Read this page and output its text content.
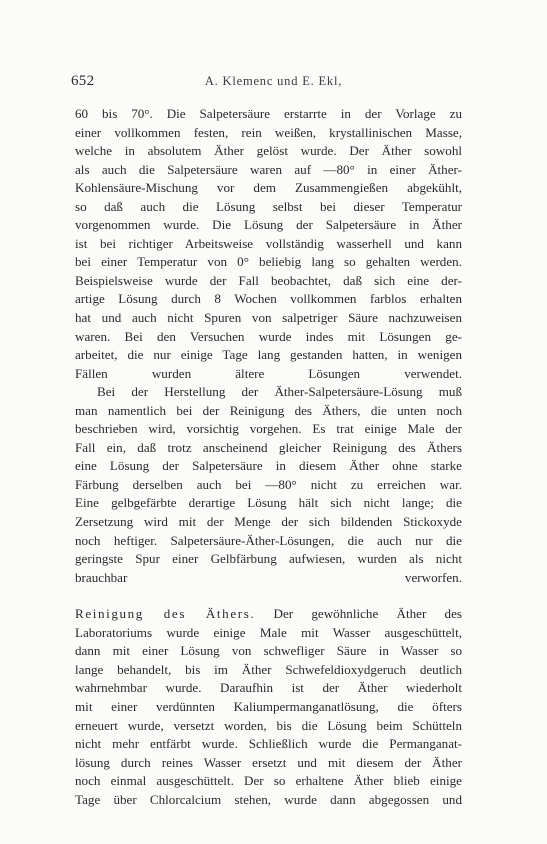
652	A. Klemenc und E. Ekl,
60 bis 70°. Die Salpetersäure erstarrte in der Vorlage zu
einer vollkommen festen, rein weißen, krystallinischen Masse,
welche in absolutem Äther gelöst wurde. Der Äther sowohl
als auch die Salpetersäure waren auf —80° in einer Äther-
Kohlensäure-Mischung vor dem Zusammengießen abgekühlt,
so daß auch die Lösung selbst bei dieser Temperatur
vorgenommen wurde. Die Lösung der Salpetersäure in Äther
ist bei richtiger Arbeitsweise vollständig wasserhell und kann
bei einer Temperatur von 0° beliebig lang so gehalten werden.
Beispielsweise wurde der Fall beobachtet, daß sich eine der-
artige Lösung durch 8 Wochen vollkommen farblos erhalten
hat und auch nicht Spuren von salpetriger Säure nachzuweisen
waren. Bei den Versuchen wurde indes mit Lösungen ge-
arbeitet, die nur einige Tage lang gestanden hatten, in wenigen
Fällen wurden ältere Lösungen verwendet.
Bei der Herstellung der Äther-Salpetersäure-Lösung muß
man namentlich bei der Reinigung des Äthers, die unten noch
beschrieben wird, vorsichtig vorgehen. Es trat einige Male der
Fall ein, daß trotz anscheinend gleicher Reinigung des Äthers
eine Lösung der Salpetersäure in diesem Äther ohne starke
Färbung derselben auch bei —80° nicht zu erreichen war.
Eine gelbgefärbte derartige Lösung hält sich nicht lange; die
Zersetzung wird mit der Menge der sich bildenden Stickoxyde
noch heftiger. Salpetersäure-Äther-Lösungen, die auch nur die
geringste Spur einer Gelbfärbung aufwiesen, wurden als nicht
brauchbar verworfen.
Reinigung des Äthers. Der gewöhnliche Äther des
Laboratoriums wurde einige Male mit Wasser ausgeschüttelt,
dann mit einer Lösung von schwefliger Säure in Wasser so
lange behandelt, bis im Äther Schwefeldioxydgeruch deutlich
wahrnehmbar wurde. Daraufhin ist der Äther wiederholt
mit einer verdünnten Kaliumpermanganatlösung, die öfters
erneuert wurde, versetzt worden, bis die Lösung beim Schütteln
nicht mehr entfärbt wurde. Schließlich wurde die Permanganat-
lösung durch reines Wasser ersetzt und mit diesem der Äther
noch einmal ausgeschüttelt. Der so erhaltene Äther blieb einige
Tage über Chlorcalcium stehen, wurde dann abgegossen und
